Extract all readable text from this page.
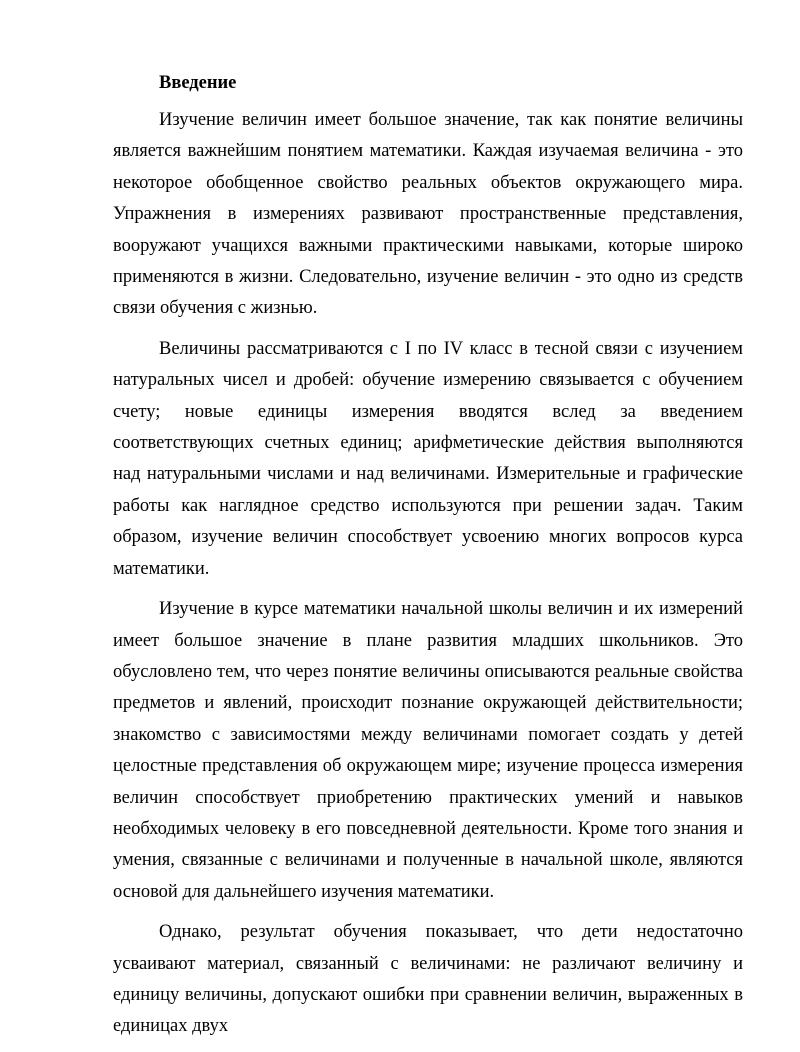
Введение

Изучение величин имеет большое значение, так как понятие величины является важнейшим понятием математики. Каждая изучаемая величина - это некоторое обобщенное свойство реальных объектов окружающего мира. Упражнения в измерениях развивают пространственные представления, вооружают учащихся важными практическими навыками, которые широко применяются в жизни. Следовательно, изучение величин - это одно из средств связи обучения с жизнью.

Величины рассматриваются с I по IV класс в тесной связи с изучением натуральных чисел и дробей: обучение измерению связывается с обучением счету; новые единицы измерения вводятся вслед за введением соответствующих счетных единиц; арифметические действия выполняются над натуральными числами и над величинами. Измерительные и графические работы как наглядное средство используются при решении задач. Таким образом, изучение величин способствует усвоению многих вопросов курса математики.

Изучение в курсе математики начальной школы величин и их измерений имеет большое значение в плане развития младших школьников. Это обусловлено тем, что через понятие величины описываются реальные свойства предметов и явлений, происходит познание окружающей действительности; знакомство с зависимостями между величинами помогает создать у детей целостные представления об окружающем мире; изучение процесса измерения величин способствует приобретению практических умений и навыков необходимых человеку в его повседневной деятельности. Кроме того знания и умения, связанные с величинами и полученные в начальной школе, являются основой для дальнейшего изучения математики.

Однако, результат обучения показывает, что дети недостаточно усваивают материал, связанный с величинами: не различают величину и единицу величины, допускают ошибки при сравнении величин, выраженных в единицах двух
